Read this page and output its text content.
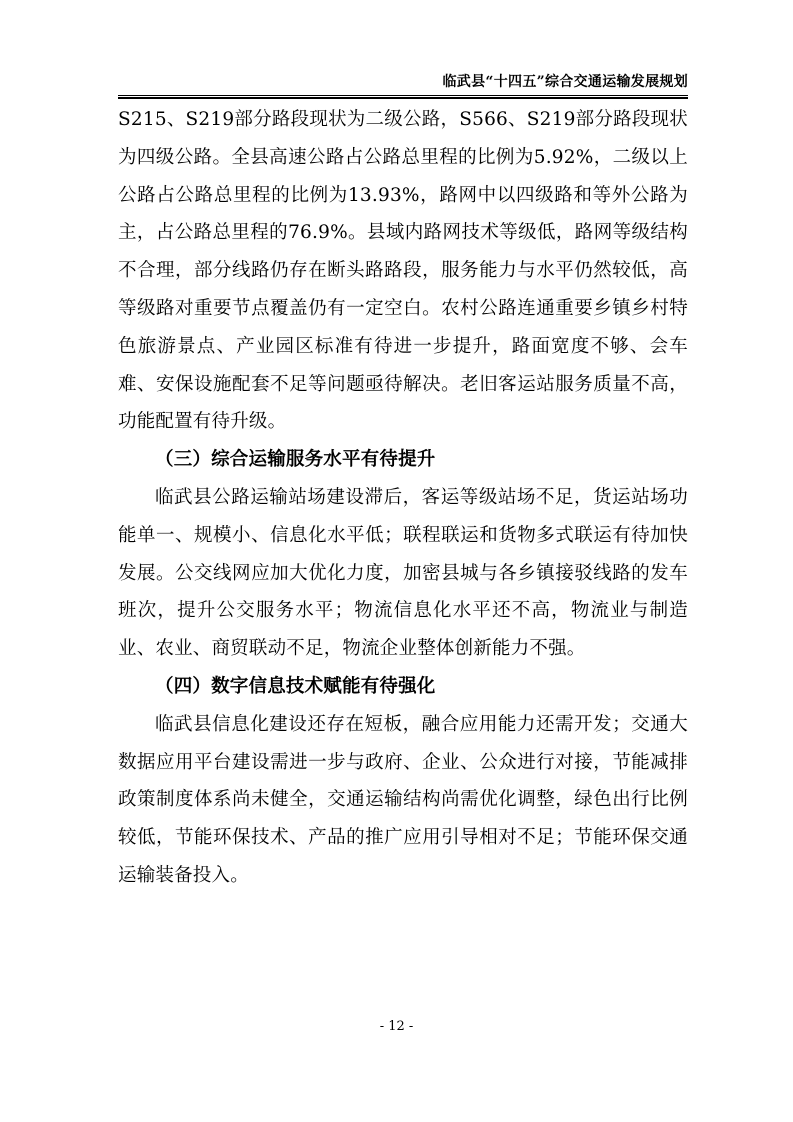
临武县“十四五”综合交通运输发展规划

S215、S219部分路段现状为二级公路，S566、S219部分路段现状为四级公路。全县高速公路占公路总里程的比例为5.92%，二级以上公路占公路总里程的比例为13.93%，路网中以四级路和等外公路为主，占公路总里程的76.9%。县域内路网技术等级低，路网等级结构不合理，部分线路仍存在断头路路段，服务能力与水平仍然较低，高等级路对重要节点覆盖仍有一定空白。农村公路连通重要乡镇乡村特色旅游景点、产业园区标准有待进一步提升，路面宽度不够、会车难、安保设施配套不足等问题亟待解决。老旧客运站服务质量不高，功能配置有待升级。

（三）综合运输服务水平有待提升

临武县公路运输站场建设滞后，客运等级站场不足，货运站场功能单一、规模小、信息化水平低；联程联运和货物多式联运有待加快发展。公交线网应加大优化力度，加密县城与各乡镇接驳线路的发车班次，提升公交服务水平；物流信息化水平还不高，物流业与制造业、农业、商贸联动不足，物流企业整体创新能力不强。

（四）数字信息技术赋能有待强化

临武县信息化建设还存在短板，融合应用能力还需开发；交通大数据应用平台建设需进一步与政府、企业、公众进行对接，节能减排政策制度体系尚未健全，交通运输结构尚需优化调整，绿色出行比例较低，节能环保技术、产品的推广应用引导相对不足；节能环保交通运输装备投入。

- 12 -
